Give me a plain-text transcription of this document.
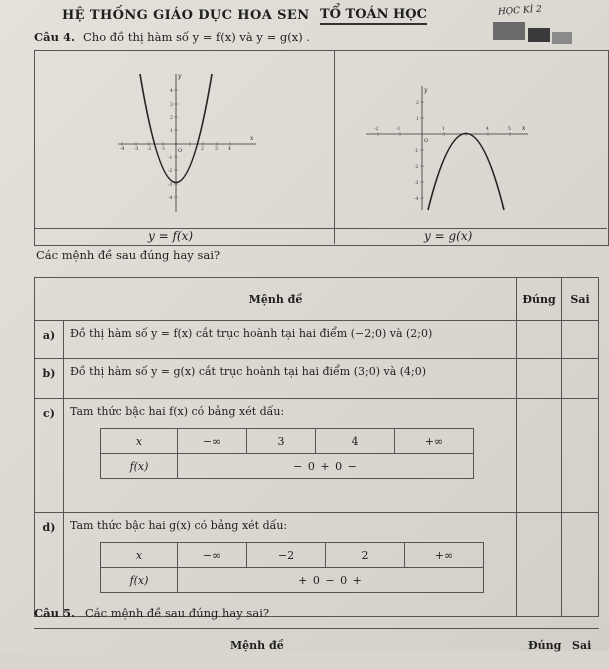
HỆ THỐNG GIÁO DỤC HOA SEN TỔ TOÁN HỌC	HỌC KÌ 2
Câu 4. Cho đồ thị hàm số y = f(x) và y = g(x) .
y
x
O
-4 -3 -2 -1	2 3 4
4
3
2
1
-1
-2
-3
-4
y
x
O
-2	-1	1	4	5
2
1
-1
-2
-3
-4
y = f(x)	y = g(x)
Các mệnh đề sau đúng hay sai?
Mệnh đề	Đúng	Sai
a)	Đồ thị hàm số y = f(x) cắt trục hoành tại hai điểm (−2;0) và (2;0)		
b)	Đồ thị hàm số y = g(x) cắt trục hoành tại hai điểm (3;0) và (4;0)		
c)	Tam thức bậc hai f(x) có bảng xét dấu:
x	−∞	3	4	+∞
f(x)	− 0 + 0 −

d)	Tam thức bậc hai g(x) có bảng xét dấu:
x	−∞	−2	2	+∞
f(x)	+ 0 − 0 +

Câu 5. Các mệnh đề sau đúng hay sai?
Mệnh đề	Đúng Sai
